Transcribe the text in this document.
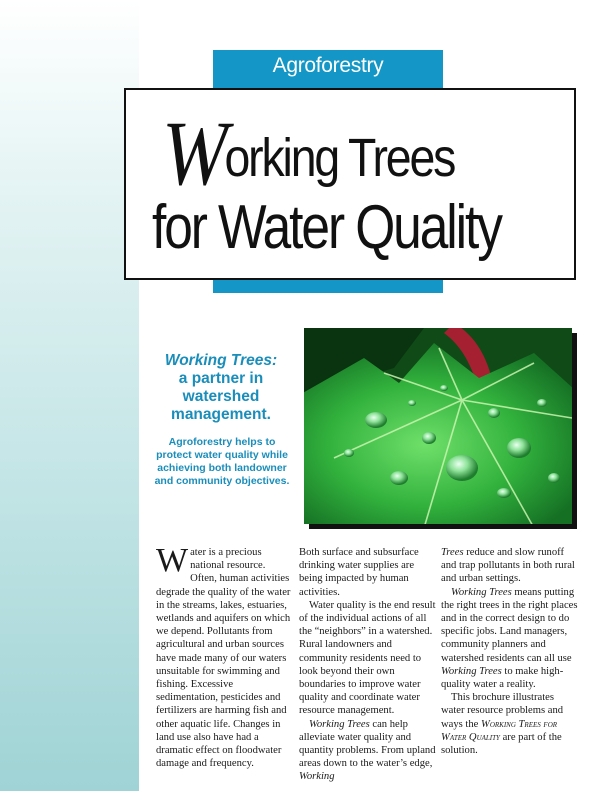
Agroforestry
Working Trees
for Water Quality
Working Trees:
a partner in watershed management.
Agroforestry helps to protect water quality while achieving both landowner and community objectives.

Water is a precious national resource. Often, human activities degrade the quality of the water in the streams, lakes, estuaries, wetlands and aquifers on which we depend. Pollutants from agricultural and urban sources have made many of our waters unsuitable for swimming and fishing. Excessive sedimentation, pesticides and fertilizers are harming fish and other aquatic life. Changes in land use also have had a dramatic effect on floodwater damage and frequency.

Both surface and subsurface drinking water supplies are being impacted by human activities.

Water quality is the end result of the individual actions of all the “neighbors” in a watershed. Rural landowners and community residents need to look beyond their own boundaries to improve water quality and coordinate water resource management.

Working Trees can help alleviate water quality and quantity problems. From upland areas down to the water’s edge, Working

Trees reduce and slow runoff and trap pollutants in both rural and urban settings.

Working Trees means putting the right trees in the right places and in the correct design to do specific jobs. Land managers, community planners and watershed residents can all use Working Trees to make high-quality water a reality.

This brochure illustrates water resource problems and ways the Working Trees for Water Quality are part of the solution.
